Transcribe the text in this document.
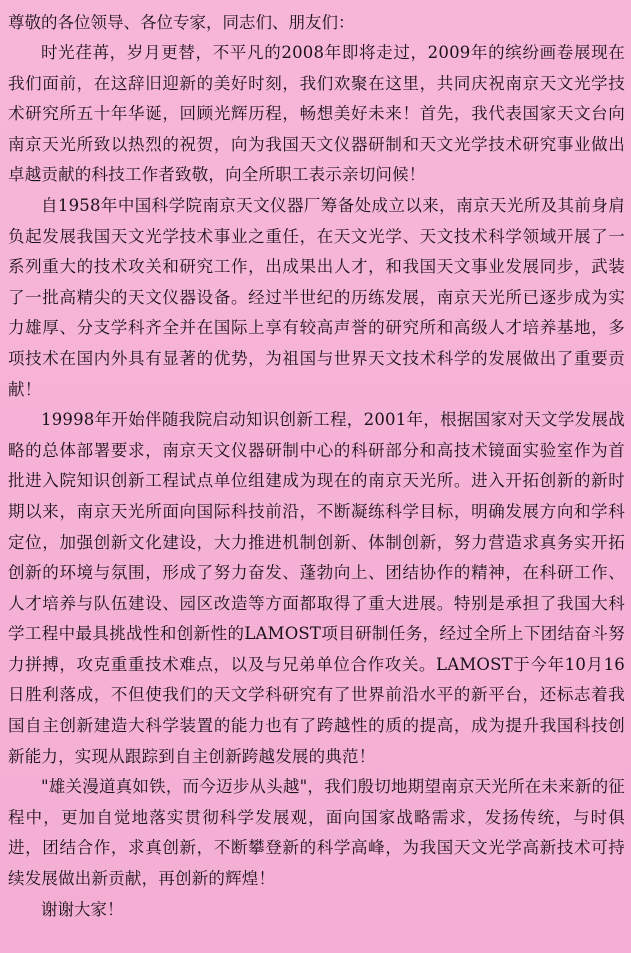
尊敬的各位领导、各位专家，同志们、朋友们：

时光荏苒，岁月更替，不平凡的2008年即将走过，2009年的缤纷画卷展现在我们面前，在这辞旧迎新的美好时刻，我们欢聚在这里，共同庆祝南京天文光学技术研究所五十年华诞，回顾光辉历程，畅想美好未来！首先，我代表国家天文台向南京天光所致以热烈的祝贺，向为我国天文仪器研制和天文光学技术研究事业做出卓越贡献的科技工作者致敬，向全所职工表示亲切问候！

自1958年中国科学院南京天文仪器厂筹备处成立以来，南京天光所及其前身肩负起发展我国天文光学技术事业之重任，在天文光学、天文技术科学领域开展了一系列重大的技术攻关和研究工作，出成果出人才，和我国天文事业发展同步，武装了一批高精尖的天文仪器设备。经过半世纪的历练发展，南京天光所已逐步成为实力雄厚、分支学科齐全并在国际上享有较高声誉的研究所和高级人才培养基地，多项技术在国内外具有显著的优势，为祖国与世界天文技术科学的发展做出了重要贡献！

19998年开始伴随我院启动知识创新工程，2001年，根据国家对天文学发展战略的总体部署要求，南京天文仪器研制中心的科研部分和高技术镜面实验室作为首批进入院知识创新工程试点单位组建成为现在的南京天光所。进入开拓创新的新时期以来，南京天光所面向国际科技前沿，不断凝练科学目标，明确发展方向和学科定位，加强创新文化建设，大力推进机制创新、体制创新，努力营造求真务实开拓创新的环境与氛围，形成了努力奋发、蓬勃向上、团结协作的精神，在科研工作、人才培养与队伍建设、园区改造等方面都取得了重大进展。特别是承担了我国大科学工程中最具挑战性和创新性的LAMOST项目研制任务，经过全所上下团结奋斗努力拼搏，攻克重重技术难点，以及与兄弟单位合作攻关。LAMOST于今年10月16日胜利落成，不但使我们的天文学科研究有了世界前沿水平的新平台，还标志着我国自主创新建造大科学装置的能力也有了跨越性的质的提高，成为提升我国科技创新能力，实现从跟踪到自主创新跨越发展的典范！

"雄关漫道真如铁，而今迈步从头越"，我们殷切地期望南京天光所在未来新的征程中，更加自觉地落实贯彻科学发展观，面向国家战略需求，发扬传统，与时俱进，团结合作，求真创新，不断攀登新的科学高峰，为我国天文光学高新技术可持续发展做出新贡献，再创新的辉煌！

谢谢大家！
